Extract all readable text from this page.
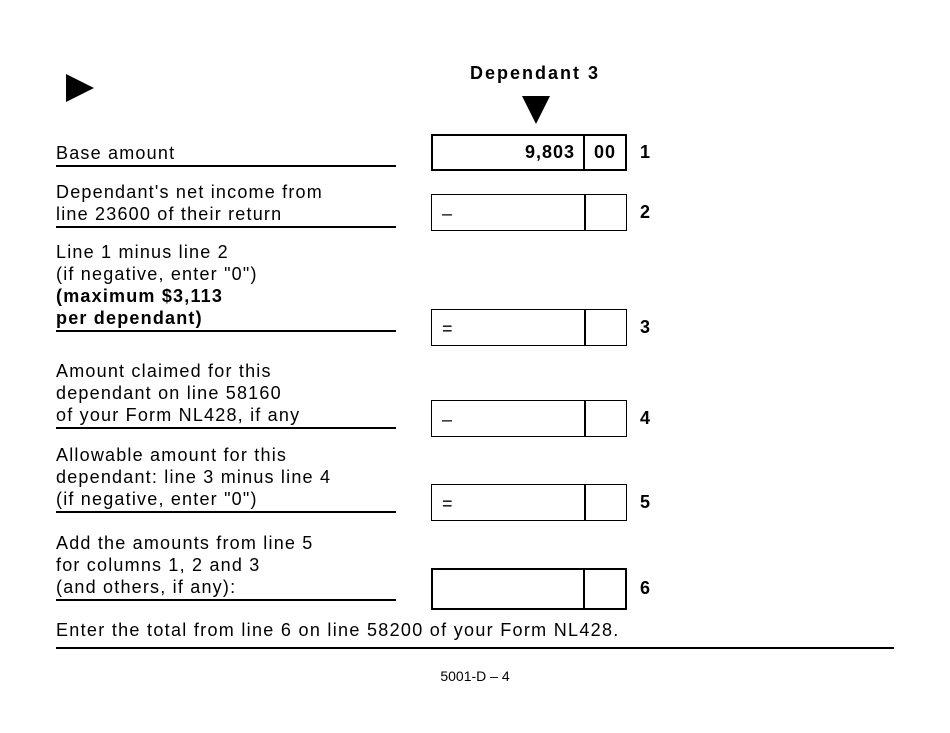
Dependant 3
Base amount	9,803	00	1
Dependant's net income from
line 23600 of their return	–	2
Line 1 minus line 2
(if negative, enter "0")
(maximum $3,113
per dependant)
=	3
Amount claimed for this
dependant on line 58160
of your Form NL428, if any	–	4
Allowable amount for this
dependant: line 3 minus line 4
(if negative, enter "0")	=	5
Add the amounts from line 5
for columns 1, 2 and 3
(and others, if any):	6
Enter the total from line 6 on line 58200 of your Form NL428.
5001-D – 4
